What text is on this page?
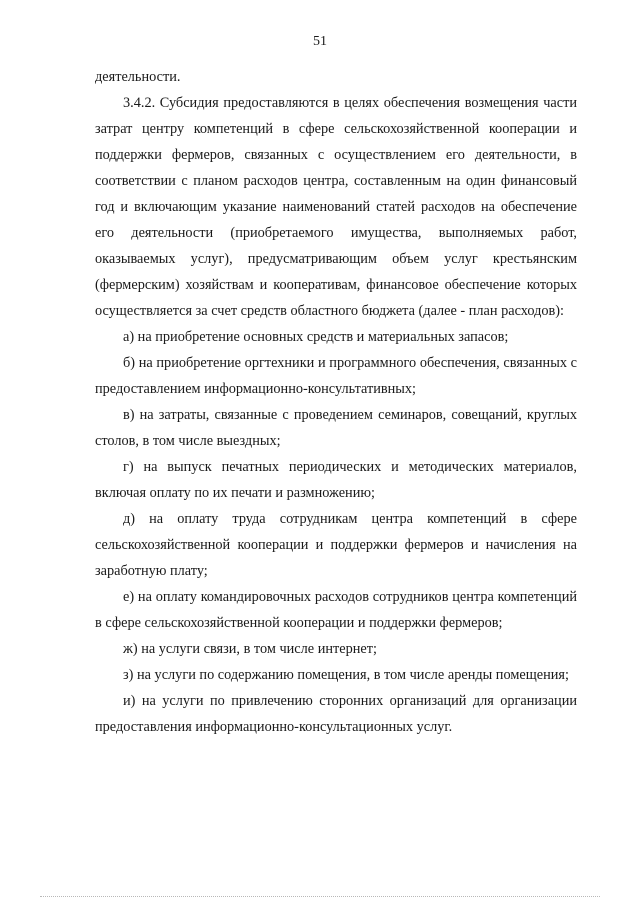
51

деятельности.

3.4.2. Субсидия предоставляются в целях обеспечения возмещения части затрат центру компетенций в сфере сельскохозяйственной кооперации и поддержки фермеров, связанных с осуществлением его деятельности, в соответствии с планом расходов центра, составленным на один финансовый год и включающим указание наименований статей расходов на обеспечение его деятельности (приобретаемого имущества, выполняемых работ, оказываемых услуг), предусматривающим объем услуг крестьянским (фермерским) хозяйствам и кооперативам, финансовое обеспечение которых осуществляется за счет средств областного бюджета (далее - план расходов):

а) на приобретение основных средств и материальных запасов;

б) на приобретение оргтехники и программного обеспечения, связанных с предоставлением информационно-консультативных;

в) на затраты, связанные с проведением семинаров, совещаний, круглых столов, в том числе выездных;

г) на выпуск печатных периодических и методических материалов, включая оплату по их печати и размножению;

д) на оплату труда сотрудникам центра компетенций в сфере сельскохозяйственной кооперации и поддержки фермеров и начисления на заработную плату;

е) на оплату командировочных расходов сотрудников центра компетенций в сфере сельскохозяйственной кооперации и поддержки фермеров;

ж) на услуги связи, в том числе интернет;

з) на услуги по содержанию помещения, в том числе аренды помещения;

и) на услуги по привлечению сторонних организаций для организации предоставления информационно-консультационных услуг.
